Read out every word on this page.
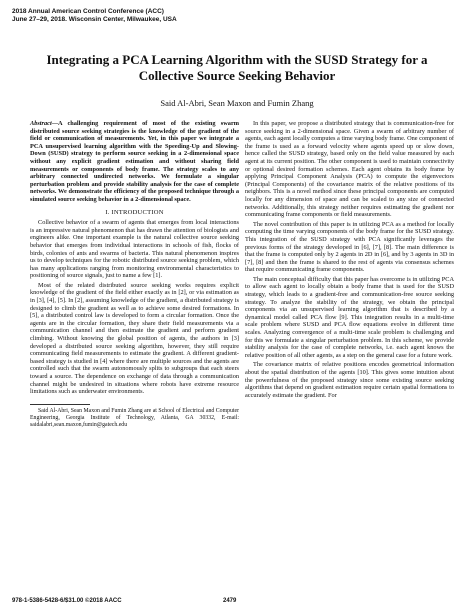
2018 Annual American Control Conference (ACC)
June 27–29, 2018. Wisconsin Center, Milwaukee, USA
Integrating a PCA Learning Algorithm with the SUSD Strategy for a Collective Source Seeking Behavior
Said Al-Abri, Sean Maxon and Fumin Zhang

Abstract—A challenging requirement of most of the existing swarm distributed source seeking strategies is the knowledge of the gradient of the field or communication of measurements. Yet, in this paper we integrate a PCA unsupervised learning algorithm with the Speeding-Up and Slowing-Down (SUSD) strategy to perform source seeking in a 2-dimensional space without any explicit gradient estimation and without sharing field measurements or components of body frame. The strategy scales to any arbitrary connected undirected networks. We formulate a singular perturbation problem and provide stability analysis for the case of complete networks. We demonstrate the efficiency of the proposed technique through a simulated source seeking behavior in a 2-dimensional space.

I. INTRODUCTION

Collective behavior of a swarm of agents that emerges from local interactions is an impressive natural phenomenon that has drawn the attention of biologists and engineers alike. One important example is the natural collective source seeking behavior that emerges from individual interactions in schools of fish, flocks of birds, colonies of ants and swarms of bacteria. This natural phenomenon inspires us to develop techniques for the robotic distributed source seeking problem, which has many applications ranging from monitoring environmental characteristics to positioning of source signals, just to name a few [1].

Most of the related distributed source seeking works requires explicit knowledge of the gradient of the field either exactly as in [2], or via estimation as in [3], [4], [5]. In [2], assuming knowledge of the gradient, a distributed strategy is designed to climb the gradient as well as to achieve some desired formations. In [5], a distributed control law is developed to form a circular formation. Once the agents are in the circular formation, they share their field measurements via a communication channel and then estimate the gradient and perform gradient climbing. Without knowing the global position of agents, the authors in [3] developed a distributed source seeking algorithm, however, they still require communicating field measurements to estimate the gradient. A different gradient-based strategy is studied in [4] where there are multiple sources and the agents are controlled such that the swarm autonomously splits to subgroups that each steers toward a source. The dependence on exchange of data through a communication channel might be undesired in situations where robots have extreme resource limitations such as underwater environments.

Said Al-Abri, Sean Maxon and Fumin Zhang are at School of Electrical and Computer Engineering, Georgia Institute of Technology, Atlanta, GA 30332, E-mail: saidalabri,sean.maxon,fumin@gatech.edu

In this paper, we propose a distributed strategy that is communication-free for source seeking in a 2-dimensional space. Given a swarm of arbitrary number of agents, each agent locally computes a time varying body frame. One component of the frame is used as a forward velocity where agents speed up or slow down, hence called the SUSD strategy, based only on the field value measured by each agent at its current position. The other component is used to maintain connectivity or optional desired formation schemes. Each agent obtains its body frame by applying Principal Component Analysis (PCA) to compute the eigenvectors (Principal Components) of the covariance matrix of the relative positions of its neighbors. This is a novel method since these principal components are computed locally for any dimension of space and can be scaled to any size of connected networks. Additionally, this strategy neither requires estimating the gradient nor communicating frame components or field measurements.

The novel contribution of this paper is in utilizing PCA as a method for locally computing the time varying components of the body frame for the SUSD strategy. This integration of the SUSD strategy with PCA significantly leverages the previous forms of the strategy developed in [6], [7], [8]. The main difference is that the frame is computed only by 2 agents in 2D in [6], and by 3 agents in 3D in [7], [8] and then the frame is shared to the rest of agents via consensus schemes that require communicating frame components.

The main conceptual difficulty that this paper has overcome is in utilizing PCA to allow each agent to locally obtain a body frame that is used for the SUSD strategy, which leads to a gradient-free and communication-free source seeking strategy. To analyze the stability of the strategy, we obtain the principal components via an unsupervised learning algorithm that is described by a dynamical model called PCA flow [9]. This integration results in a multi-time scale problem where SUSD and PCA flow equations evolve in different time scales. Analyzing convergence of a multi-time scale problem is challenging and for this we formulate a singular perturbation problem. In this scheme, we provide stability analysis for the case of complete networks, i.e. each agent knows the relative position of all other agents, as a step on the general case for a future work.

The covariance matrix of relative positions encodes geometrical information about the spatial distribution of the agents [10]. This gives some intuition about the powerfulness of the proposed strategy since some existing source seeking algorithms that depend on gradient estimation require certain spatial formations to accurately estimate the gradient. For

978-1-5386-5428-6/$31.00 ©2018 AACC	2479
